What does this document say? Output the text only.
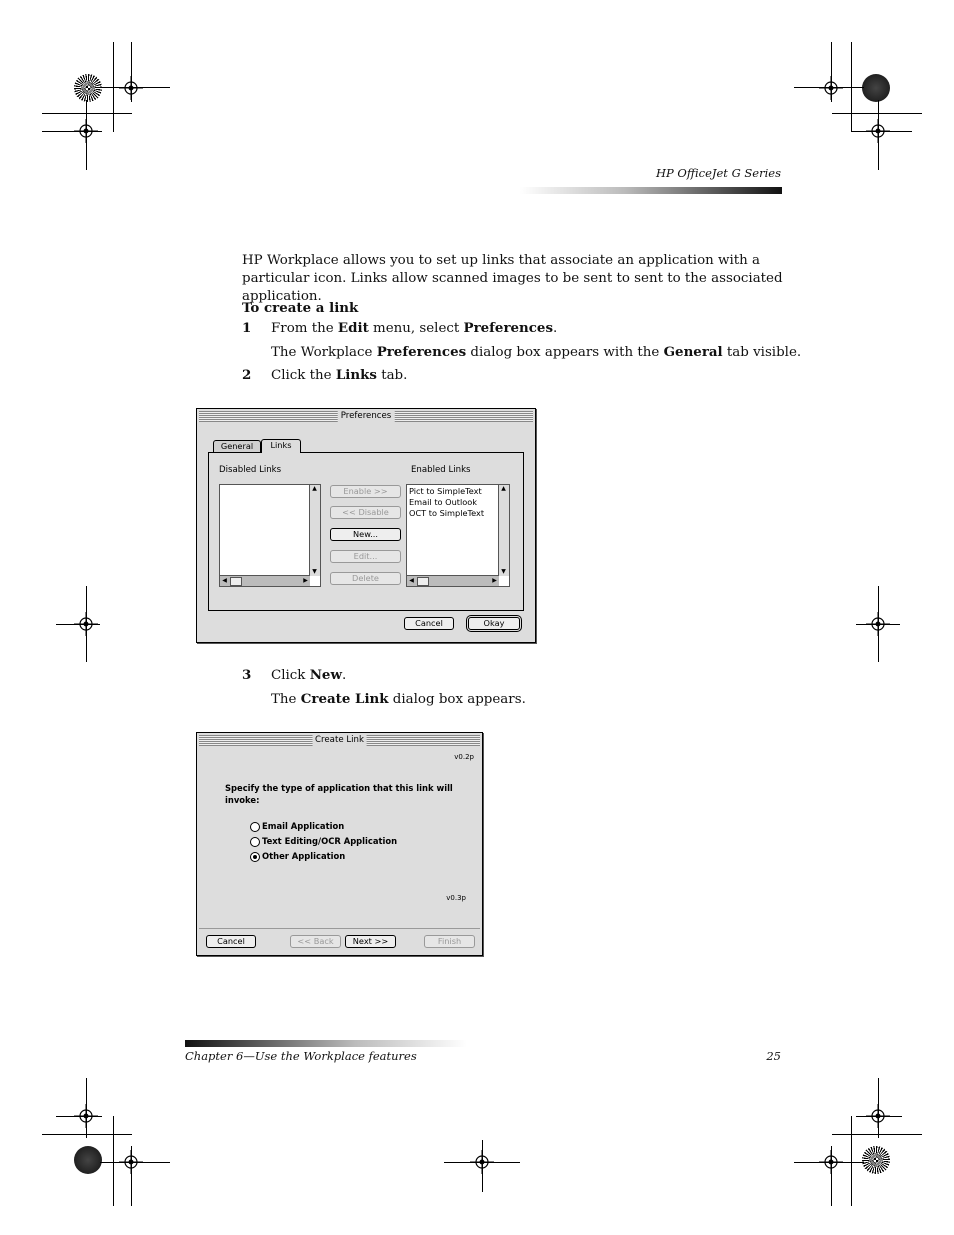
HP OfficeJet G Series
HP Workplace allows you to set up links that associate an application with a particular icon. Links allow scanned images to be sent to sent to the associated application.
To create a link
1 From the Edit menu, select Preferences.
The Workplace Preferences dialog box appears with the General tab visible.
2 Click the Links tab.
Preferences
General	Links
Disabled Links	Enabled Links
▲
▼
◀	▶
Enable >>
<< Disable
New...
Edit...
Delete
Pict to SimpleText
Email to Outlook
OCT to SimpleText
▲
▼
◀	▶
Cancel	Okay
3 Click New.
The Create Link dialog box appears.
Create Link
v0.2p
Specify the type of application that this link will invoke:
Email Application
Text Editing/OCR Application
Other Application
v0.3p
Cancel	<< Back	Next >>	Finish
Chapter 6—Use the Workplace features	25
